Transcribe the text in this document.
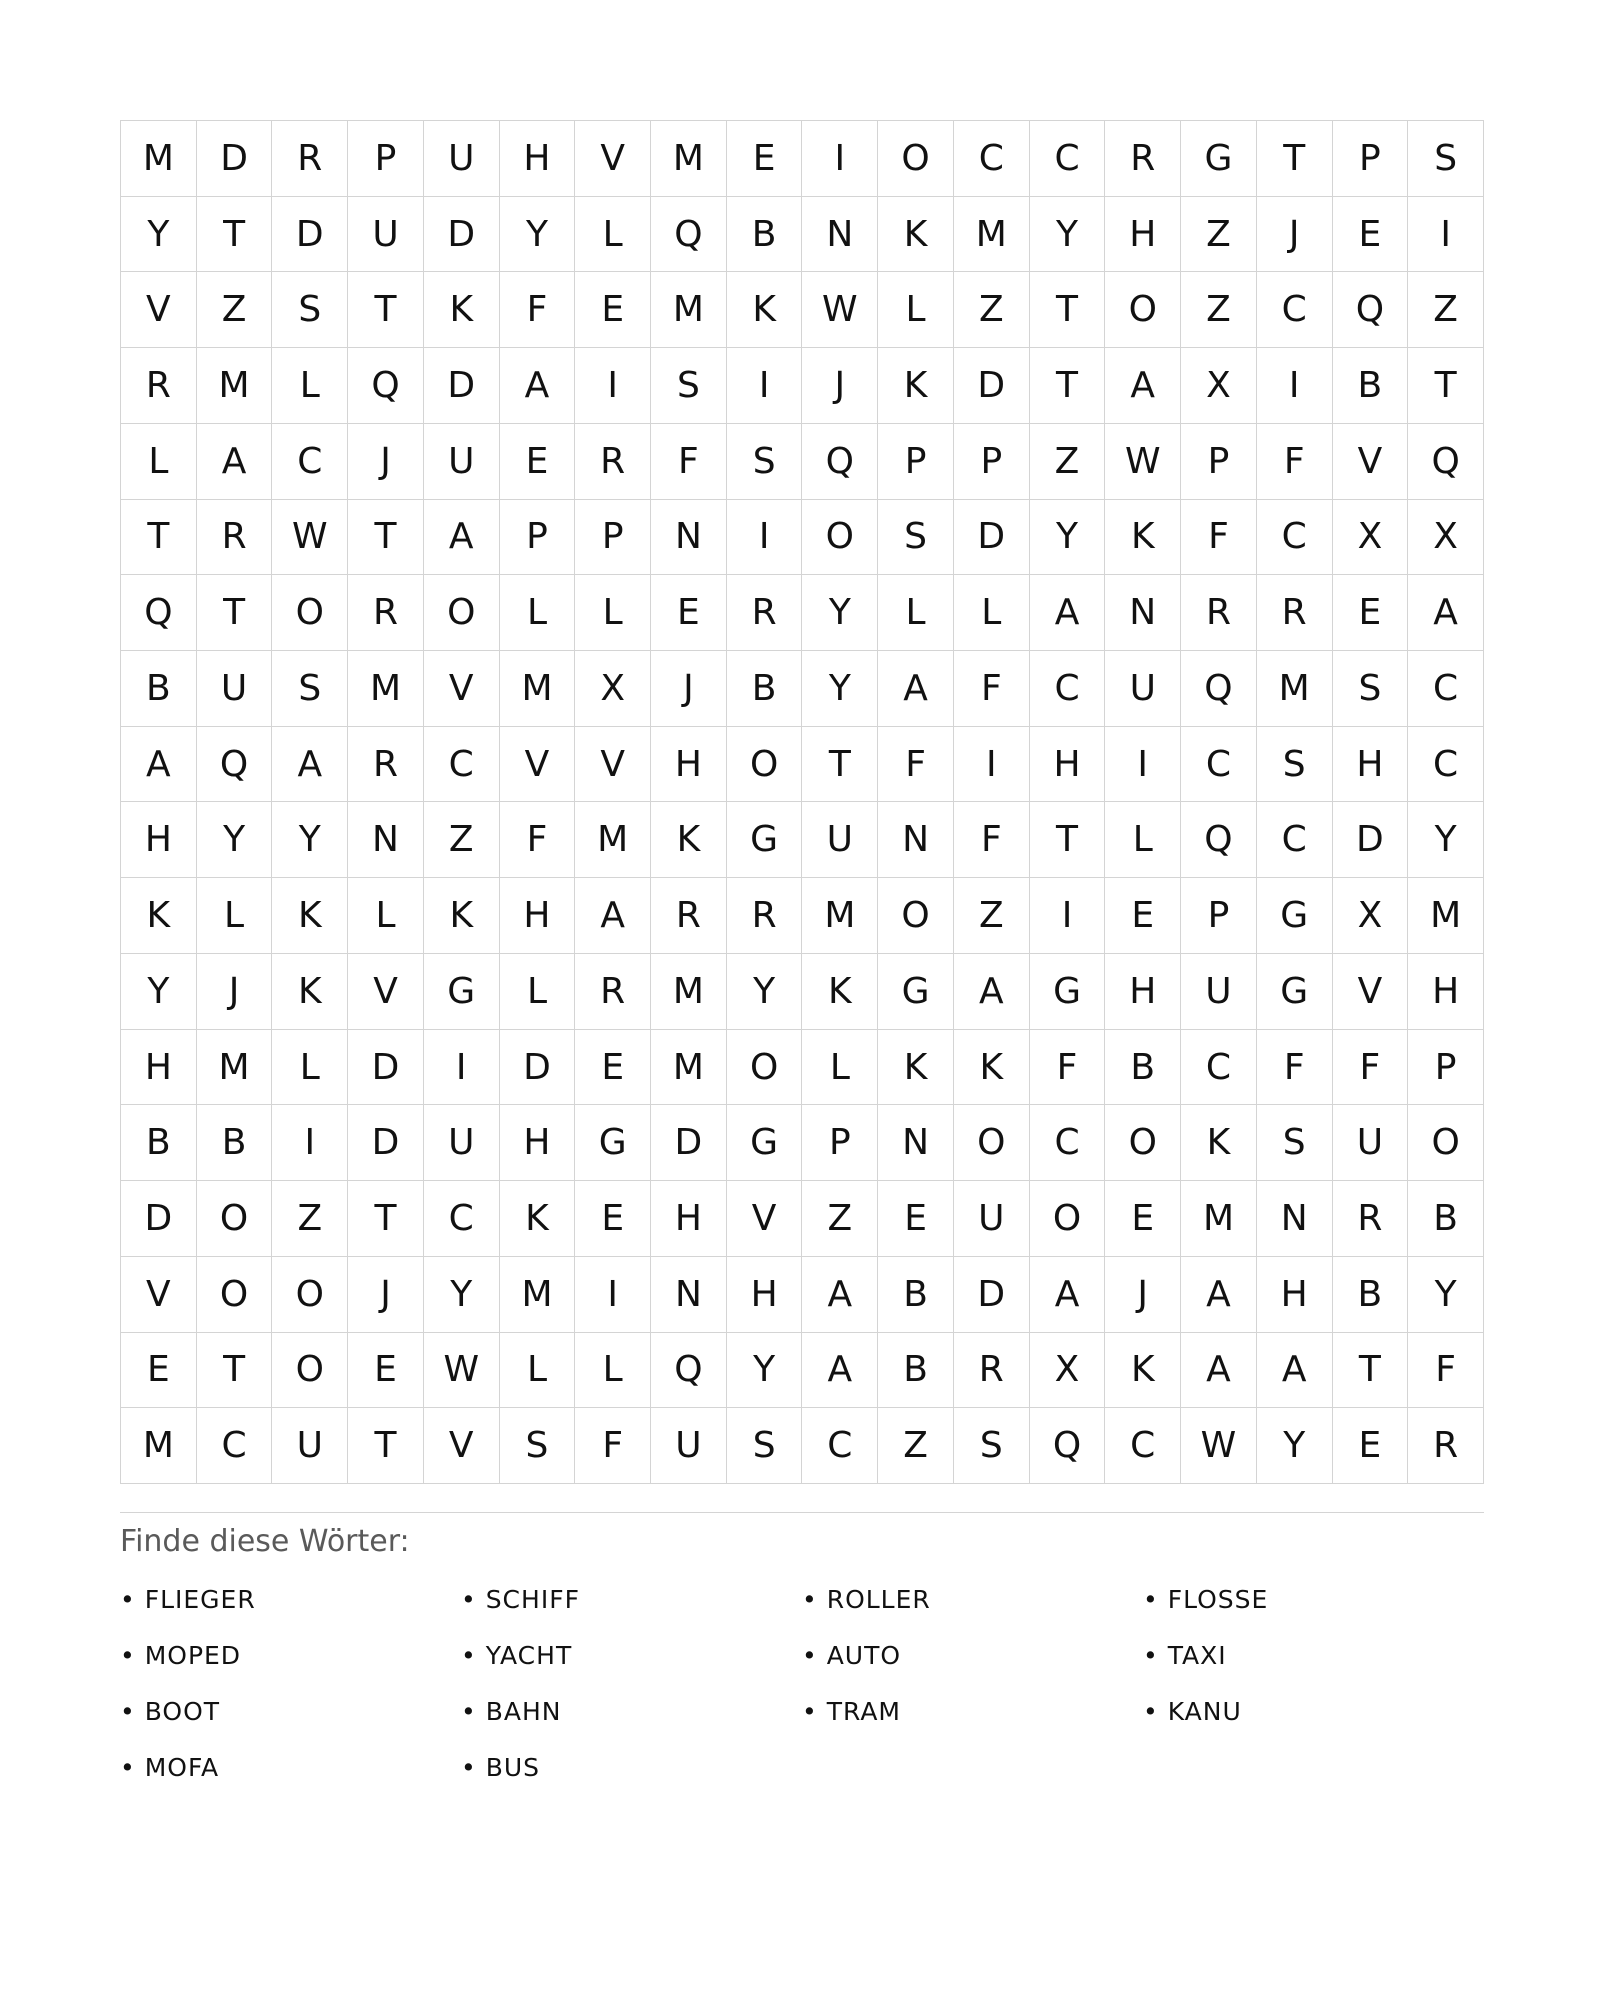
M	D	R	P	U	H	V	M	E	I	O	C	C	R	G	T	P	S
Y	T	D	U	D	Y	L	Q	B	N	K	M	Y	H	Z	J	E	I
V	Z	S	T	K	F	E	M	K	W	L	Z	T	O	Z	C	Q	Z
R	M	L	Q	D	A	I	S	I	J	K	D	T	A	X	I	B	T
L	A	C	J	U	E	R	F	S	Q	P	P	Z	W	P	F	V	Q
T	R	W	T	A	P	P	N	I	O	S	D	Y	K	F	C	X	X
Q	T	O	R	O	L	L	E	R	Y	L	L	A	N	R	R	E	A
B	U	S	M	V	M	X	J	B	Y	A	F	C	U	Q	M	S	C
A	Q	A	R	C	V	V	H	O	T	F	I	H	I	C	S	H	C
H	Y	Y	N	Z	F	M	K	G	U	N	F	T	L	Q	C	D	Y
K	L	K	L	K	H	A	R	R	M	O	Z	I	E	P	G	X	M
Y	J	K	V	G	L	R	M	Y	K	G	A	G	H	U	G	V	H
H	M	L	D	I	D	E	M	O	L	K	K	F	B	C	F	F	P
B	B	I	D	U	H	G	D	G	P	N	O	C	O	K	S	U	O
D	O	Z	T	C	K	E	H	V	Z	E	U	O	E	M	N	R	B
V	O	O	J	Y	M	I	N	H	A	B	D	A	J	A	H	B	Y
E	T	O	E	W	L	L	Q	Y	A	B	R	X	K	A	A	T	F
M	C	U	T	V	S	F	U	S	C	Z	S	Q	C	W	Y	E	R
Finde diese Wörter:
• FLIEGER	• SCHIFF	• ROLLER	• FLOSSE
• MOPED	• YACHT	• AUTO	• TAXI
• BOOT	• BAHN	• TRAM	• KANU
• MOFA	• BUS
